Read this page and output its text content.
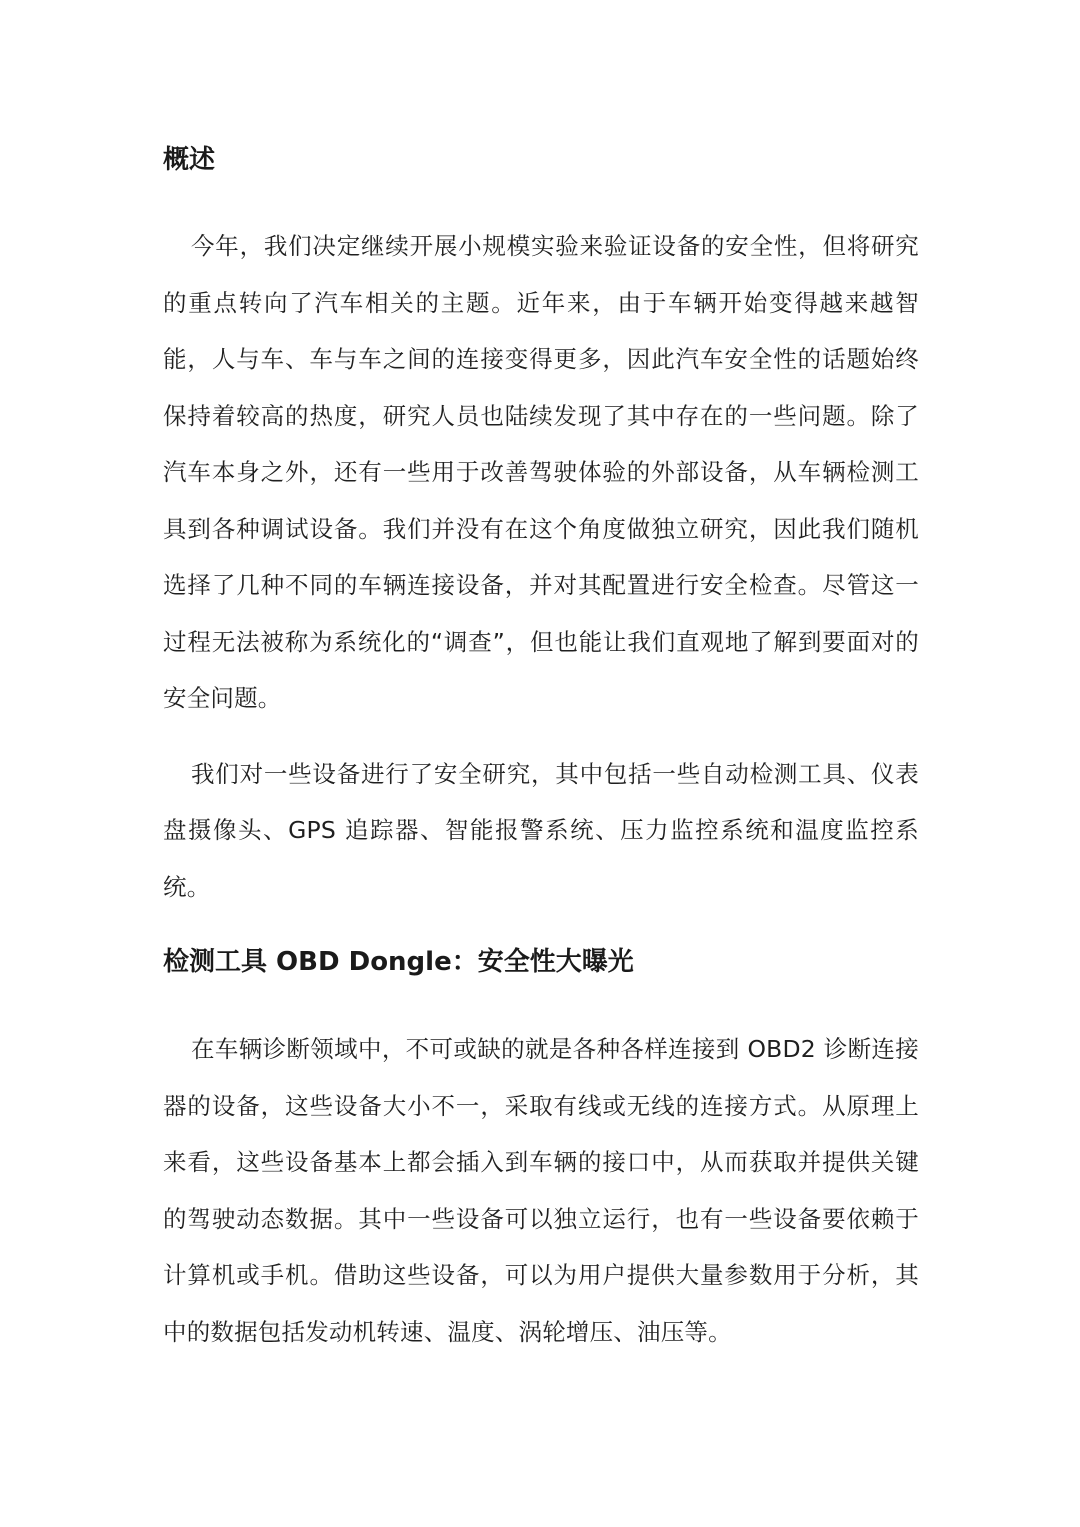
概述

今年，我们决定继续开展小规模实验来验证设备的安全性，但将研究的重点转向了汽车相关的主题。近年来，由于车辆开始变得越来越智能，人与车、车与车之间的连接变得更多，因此汽车安全性的话题始终保持着较高的热度，研究人员也陆续发现了其中存在的一些问题。除了汽车本身之外，还有一些用于改善驾驶体验的外部设备，从车辆检测工具到各种调试设备。我们并没有在这个角度做独立研究，因此我们随机选择了几种不同的车辆连接设备，并对其配置进行安全检查。尽管这一过程无法被称为系统化的“调查”，但也能让我们直观地了解到要面对的安全问题。

我们对一些设备进行了安全研究，其中包括一些自动检测工具、仪表盘摄像头、GPS 追踪器、智能报警系统、压力监控系统和温度监控系统。

检测工具 OBD Dongle：安全性大曝光

在车辆诊断领域中，不可或缺的就是各种各样连接到 OBD2 诊断连接器的设备，这些设备大小不一，采取有线或无线的连接方式。从原理上来看，这些设备基本上都会插入到车辆的接口中，从而获取并提供关键的驾驶动态数据。其中一些设备可以独立运行，也有一些设备要依赖于计算机或手机。借助这些设备，可以为用户提供大量参数用于分析，其中的数据包括发动机转速、温度、涡轮增压、油压等。
